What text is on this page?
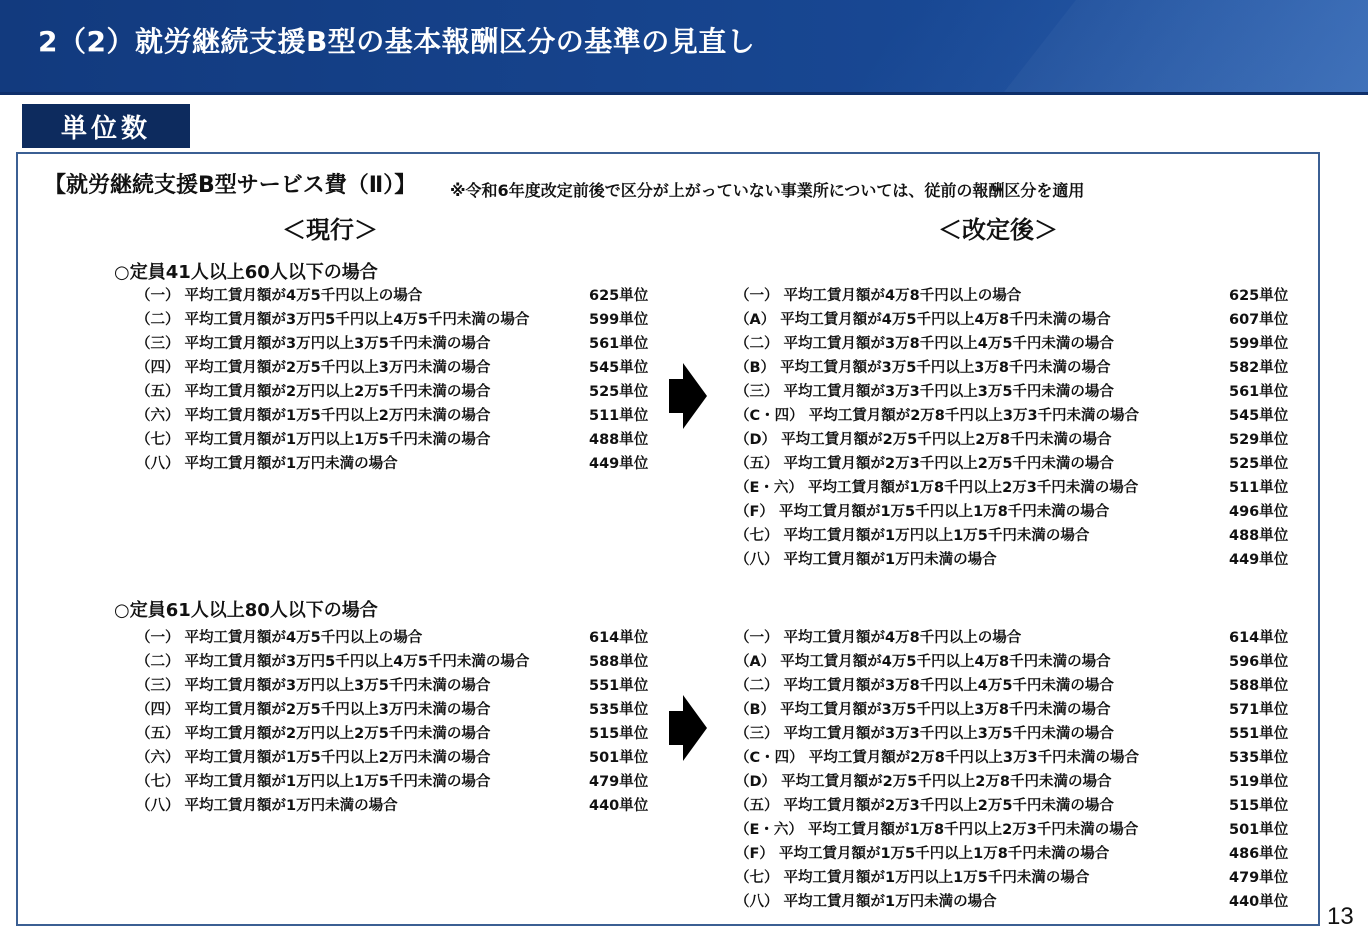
2（2）就労継続支援B型の基本報酬区分の基準の見直し
単位数
【就労継続支援B型サービス費（Ⅱ）】 ※令和6年度改定前後で区分が上がっていない事業所については、従前の報酬区分を適用
＜現行＞	＜改定後＞
○定員41人以上60人以下の場合
（一） 平均工賃月額が4万5千円以上の場合	625単位
（二） 平均工賃月額が3万円5千円以上4万5千円未満の場合	599単位
（三） 平均工賃月額が3万円以上3万5千円未満の場合	561単位
（四） 平均工賃月額が2万5千円以上3万円未満の場合	545単位
（五） 平均工賃月額が2万円以上2万5千円未満の場合	525単位
（六） 平均工賃月額が1万5千円以上2万円未満の場合	511単位
（七） 平均工賃月額が1万円以上1万5千円未満の場合	488単位
（八） 平均工賃月額が1万円未満の場合	449単位
（一） 平均工賃月額が4万8千円以上の場合	625単位
（A） 平均工賃月額が4万5千円以上4万8千円未満の場合	607単位
（二） 平均工賃月額が3万8千円以上4万5千円未満の場合	599単位
（B） 平均工賃月額が3万5千円以上3万8千円未満の場合	582単位
（三） 平均工賃月額が3万3千円以上3万5千円未満の場合	561単位
（C・四） 平均工賃月額が2万8千円以上3万3千円未満の場合	545単位
（D） 平均工賃月額が2万5千円以上2万8千円未満の場合	529単位
（五） 平均工賃月額が2万3千円以上2万5千円未満の場合	525単位
（E・六） 平均工賃月額が1万8千円以上2万3千円未満の場合	511単位
（F） 平均工賃月額が1万5千円以上1万8千円未満の場合	496単位
（七） 平均工賃月額が1万円以上1万5千円未満の場合	488単位
（八） 平均工賃月額が1万円未満の場合	449単位
○定員61人以上80人以下の場合
（一） 平均工賃月額が4万5千円以上の場合	614単位
（二） 平均工賃月額が3万円5千円以上4万5千円未満の場合	588単位
（三） 平均工賃月額が3万円以上3万5千円未満の場合	551単位
（四） 平均工賃月額が2万5千円以上3万円未満の場合	535単位
（五） 平均工賃月額が2万円以上2万5千円未満の場合	515単位
（六） 平均工賃月額が1万5千円以上2万円未満の場合	501単位
（七） 平均工賃月額が1万円以上1万5千円未満の場合	479単位
（八） 平均工賃月額が1万円未満の場合	440単位
（一） 平均工賃月額が4万8千円以上の場合	614単位
（A） 平均工賃月額が4万5千円以上4万8千円未満の場合	596単位
（二） 平均工賃月額が3万8千円以上4万5千円未満の場合	588単位
（B） 平均工賃月額が3万5千円以上3万8千円未満の場合	571単位
（三） 平均工賃月額が3万3千円以上3万5千円未満の場合	551単位
（C・四） 平均工賃月額が2万8千円以上3万3千円未満の場合	535単位
（D） 平均工賃月額が2万5千円以上2万8千円未満の場合	519単位
（五） 平均工賃月額が2万3千円以上2万5千円未満の場合	515単位
（E・六） 平均工賃月額が1万8千円以上2万3千円未満の場合	501単位
（F） 平均工賃月額が1万5千円以上1万8千円未満の場合	486単位
（七） 平均工賃月額が1万円以上1万5千円未満の場合	479単位
（八） 平均工賃月額が1万円未満の場合	440単位
13
